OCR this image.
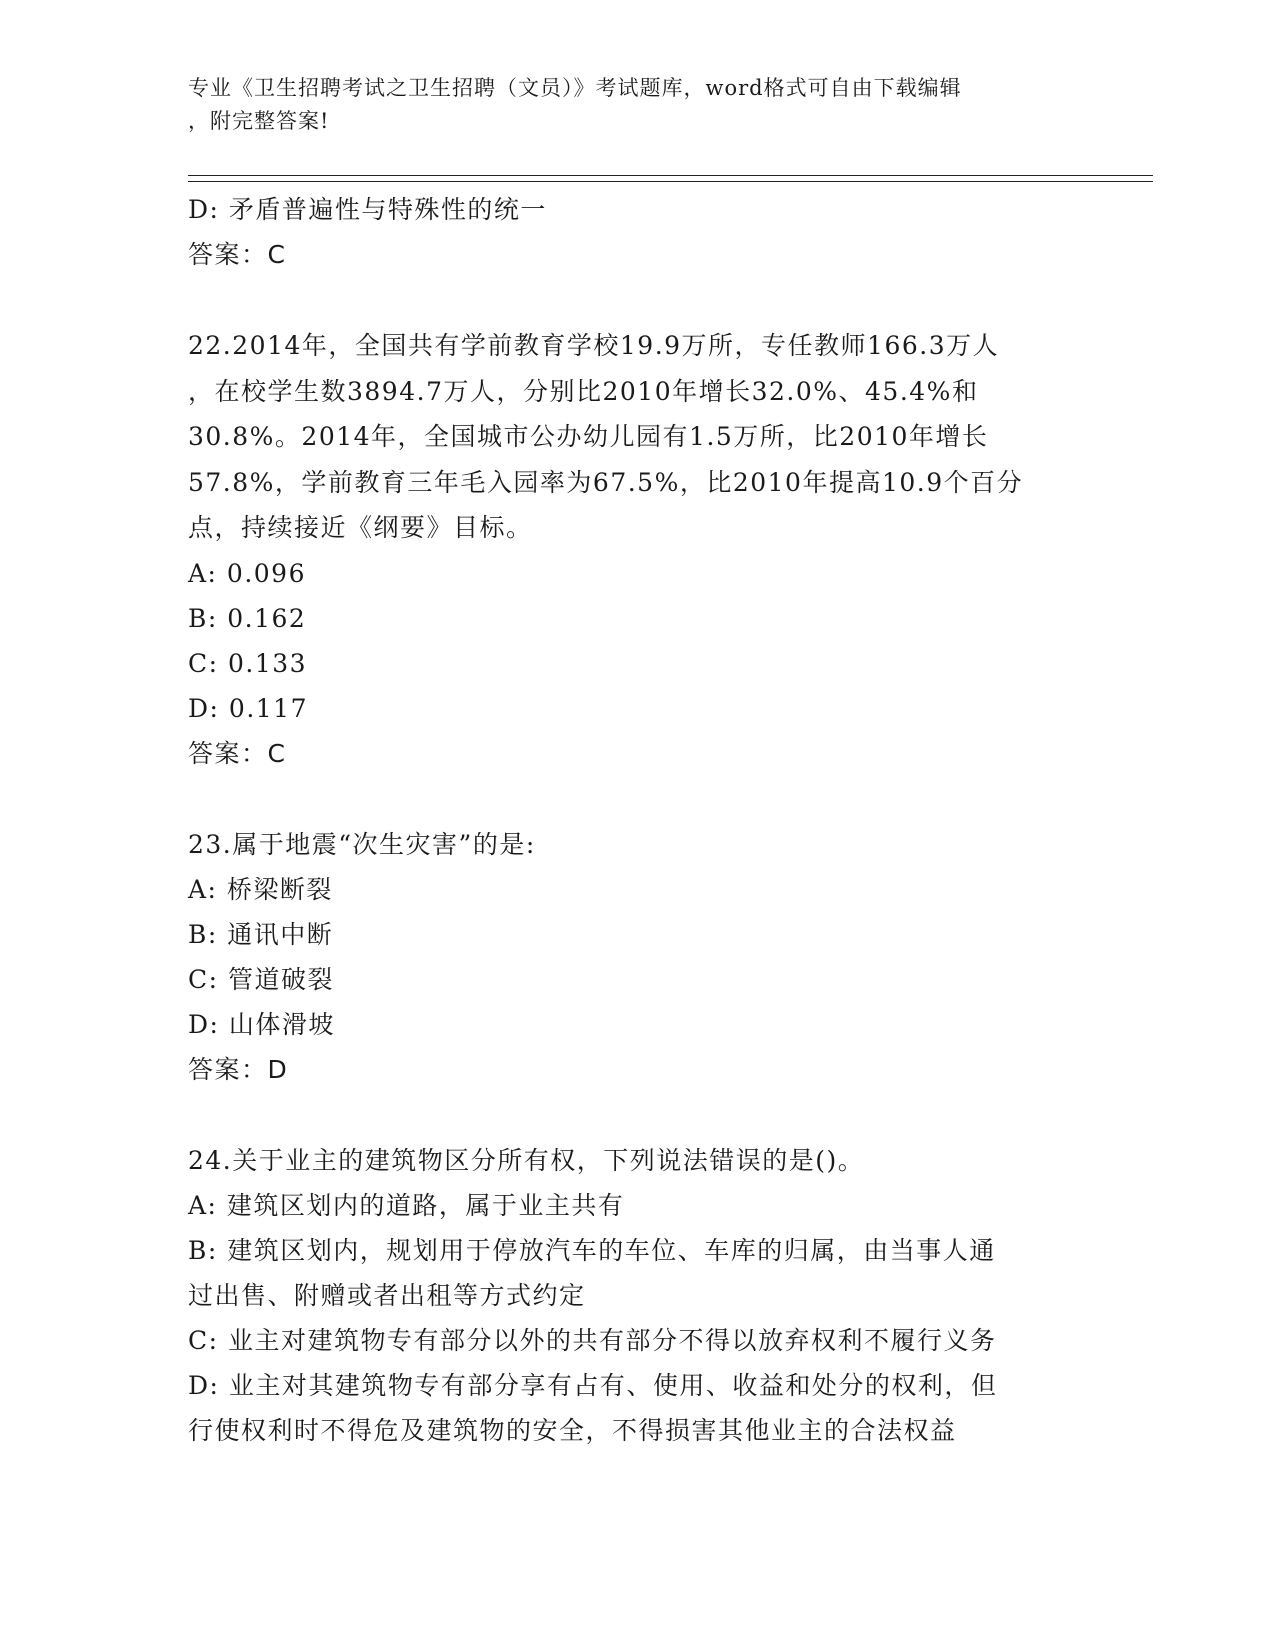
专业《卫生招聘考试之卫生招聘（文员）》考试题库，word格式可自由下载编辑
，附完整答案!
D: 矛盾普遍性与特殊性的统一
答案：C
22.2014年，全国共有学前教育学校19.9万所，专任教师166.3万人
，在校学生数3894.7万人，分别比2010年增长32.0%、45.4%和
30.8%。2014年，全国城市公办幼儿园有1.5万所，比2010年增长
57.8%，学前教育三年毛入园率为67.5%，比2010年提高10.9个百分
点，持续接近《纲要》目标。
A: 0.096
B: 0.162
C: 0.133
D: 0.117
答案：C
23.属于地震“次生灾害”的是:
A: 桥梁断裂
B: 通讯中断
C: 管道破裂
D: 山体滑坡
答案：D
24.关于业主的建筑物区分所有权，下列说法错误的是()。
A: 建筑区划内的道路，属于业主共有
B: 建筑区划内，规划用于停放汽车的车位、车库的归属，由当事人通
过出售、附赠或者出租等方式约定
C: 业主对建筑物专有部分以外的共有部分不得以放弃权利不履行义务
D: 业主对其建筑物专有部分享有占有、使用、收益和处分的权利，但
行使权利时不得危及建筑物的安全，不得损害其他业主的合法权益
